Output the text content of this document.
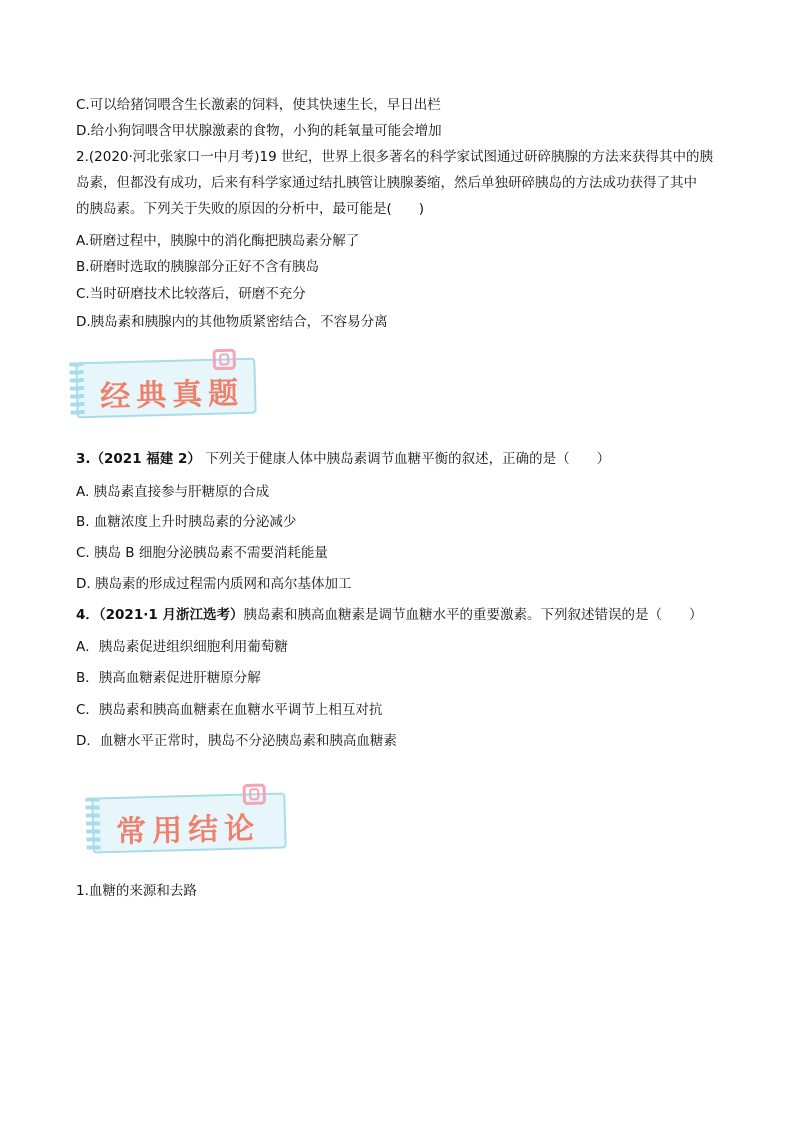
C.可以给猪饲喂含生长激素的饲料，使其快速生长，早日出栏
D.给小狗饲喂含甲状腺激素的食物，小狗的耗氧量可能会增加
2.(2020·河北张家口一中月考)19 世纪，世界上很多著名的科学家试图通过研碎胰腺的方法来获得其中的胰
岛素，但都没有成功，后来有科学家通过结扎胰管让胰腺萎缩，然后单独研碎胰岛的方法成功获得了其中
的胰岛素。下列关于失败的原因的分析中，最可能是(　　)
A.研磨过程中，胰腺中的消化酶把胰岛素分解了
B.研磨时选取的胰腺部分正好不含有胰岛
C.当时研磨技术比较落后，研磨不充分
D.胰岛素和胰腺内的其他物质紧密结合，不容易分离
经典真题
3.（2021 福建 2） 下列关于健康人体中胰岛素调节血糖平衡的叙述，正确的是（　　）
A. 胰岛素直接参与肝糖原的合成
B. 血糖浓度上升时胰岛素的分泌减少
C. 胰岛 B 细胞分泌胰岛素不需要消耗能量
D. 胰岛素的形成过程需内质网和高尔基体加工
4．（2021·1 月浙江选考）胰岛素和胰高血糖素是调节血糖水平的重要激素。下列叙述错误的是（　　）
A．胰岛素促进组织细胞利用葡萄糖
B．胰高血糖素促进肝糖原分解
C．胰岛素和胰高血糖素在血糖水平调节上相互对抗
D．血糖水平正常时，胰岛不分泌胰岛素和胰高血糖素
常用结论
1.血糖的来源和去路
